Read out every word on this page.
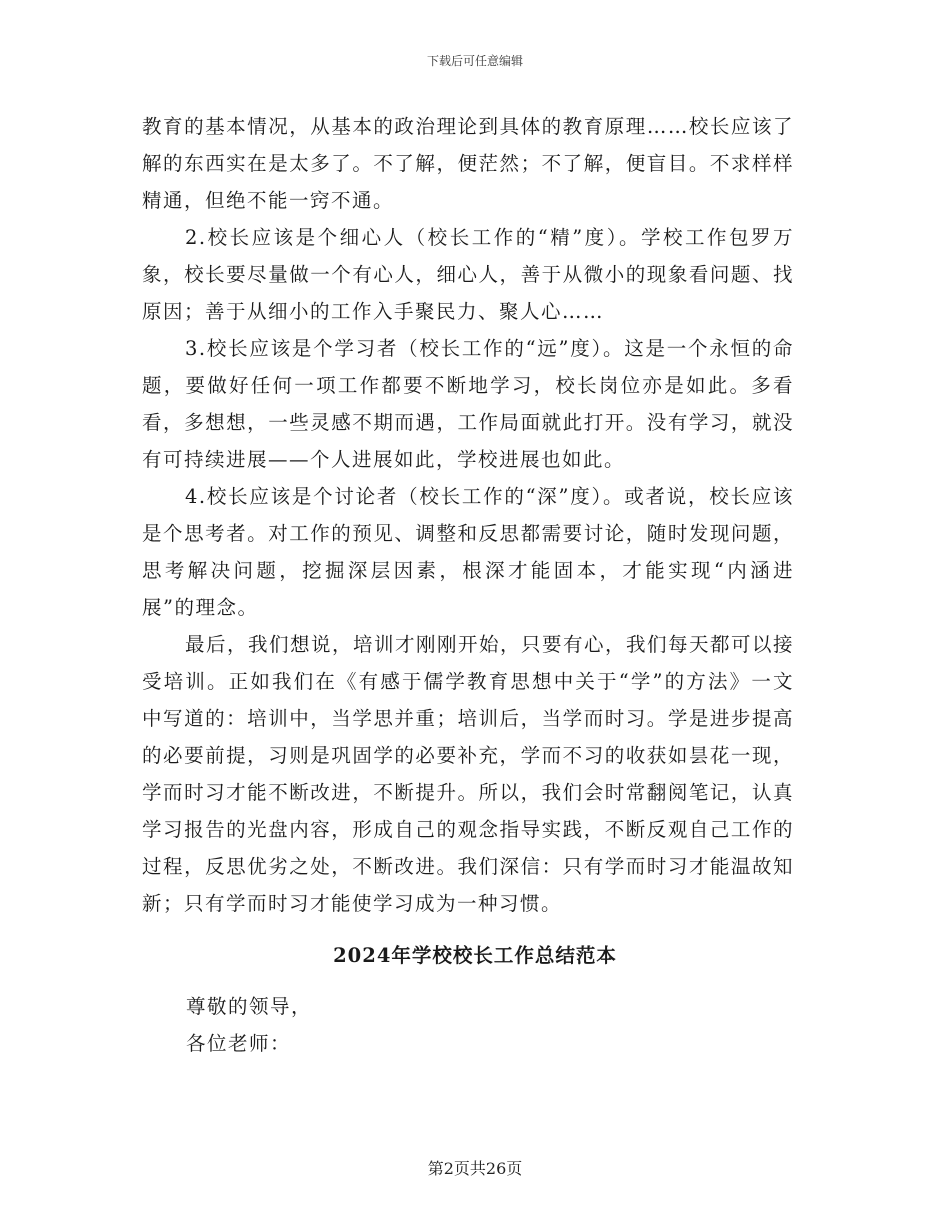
下载后可任意编辑

教育的基本情况，从基本的政治理论到具体的教育原理……校长应该了解的东西实在是太多了。不了解，便茫然；不了解，便盲目。不求样样精通，但绝不能一窍不通。

2.校长应该是个细心人（校长工作的“精”度）。学校工作包罗万象，校长要尽量做一个有心人，细心人，善于从微小的现象看问题、找原因；善于从细小的工作入手聚民力、聚人心……

3.校长应该是个学习者（校长工作的“远”度）。这是一个永恒的命题，要做好任何一项工作都要不断地学习，校长岗位亦是如此。多看看，多想想，一些灵感不期而遇，工作局面就此打开。没有学习，就没有可持续进展——个人进展如此，学校进展也如此。

4.校长应该是个讨论者（校长工作的“深”度）。或者说，校长应该是个思考者。对工作的预见、调整和反思都需要讨论，随时发现问题，思考解决问题，挖掘深层因素，根深才能固本，才能实现“内涵进展”的理念。

最后，我们想说，培训才刚刚开始，只要有心，我们每天都可以接受培训。正如我们在《有感于儒学教育思想中关于“学”的方法》一文中写道的：培训中，当学思并重；培训后，当学而时习。学是进步提高的必要前提，习则是巩固学的必要补充，学而不习的收获如昙花一现，学而时习才能不断改进，不断提升。所以，我们会时常翻阅笔记，认真学习报告的光盘内容，形成自己的观念指导实践，不断反观自己工作的过程，反思优劣之处，不断改进。我们深信：只有学而时习才能温故知新；只有学而时习才能使学习成为一种习惯。

2024年学校校长工作总结范本
尊敬的领导，
各位老师：
第2页共26页
